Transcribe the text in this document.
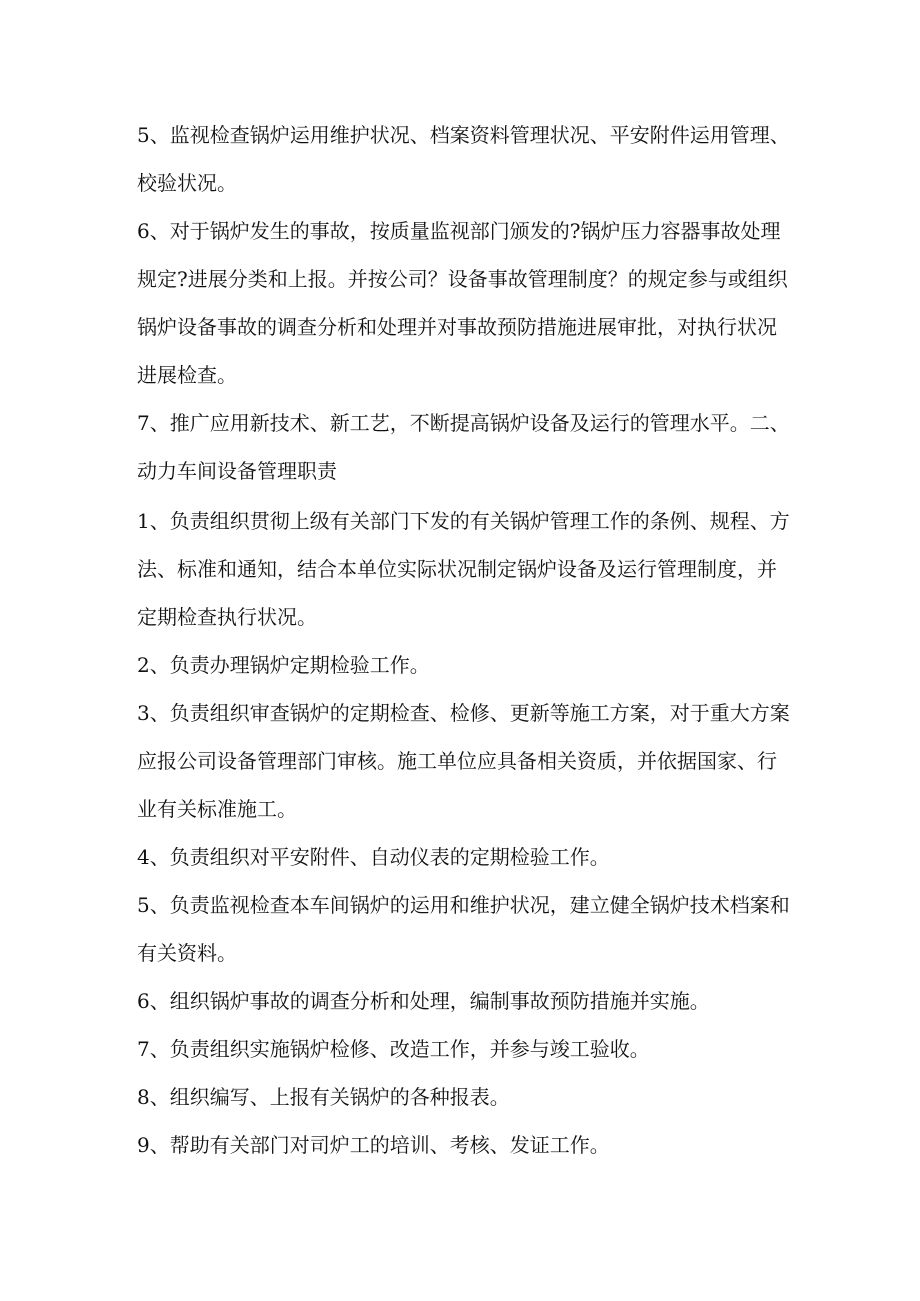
5、监视检查锅炉运用维护状况、档案资料管理状况、平安附件运用管理、

校验状况。

6、对于锅炉发生的事故，按质量监视部门颁发的?锅炉压力容器事故处理

规定?进展分类和上报。并按公司？设备事故管理制度？的规定参与或组织

锅炉设备事故的调查分析和处理并对事故预防措施进展审批，对执行状况

进展检查。

7、推广应用新技术、新工艺，不断提高锅炉设备及运行的管理水平。二、

动力车间设备管理职责

1、负责组织贯彻上级有关部门下发的有关锅炉管理工作的条例、规程、方

法、标准和通知，结合本单位实际状况制定锅炉设备及运行管理制度，并

定期检查执行状况。

2、负责办理锅炉定期检验工作。

3、负责组织审查锅炉的定期检查、检修、更新等施工方案，对于重大方案

应报公司设备管理部门审核。施工单位应具备相关资质，并依据国家、行

业有关标准施工。

4、负责组织对平安附件、自动仪表的定期检验工作。

5、负责监视检查本车间锅炉的运用和维护状况，建立健全锅炉技术档案和

有关资料。

6、组织锅炉事故的调查分析和处理，编制事故预防措施并实施。

7、负责组织实施锅炉检修、改造工作，并参与竣工验收。

8、组织编写、上报有关锅炉的各种报表。

9、帮助有关部门对司炉工的培训、考核、发证工作。
